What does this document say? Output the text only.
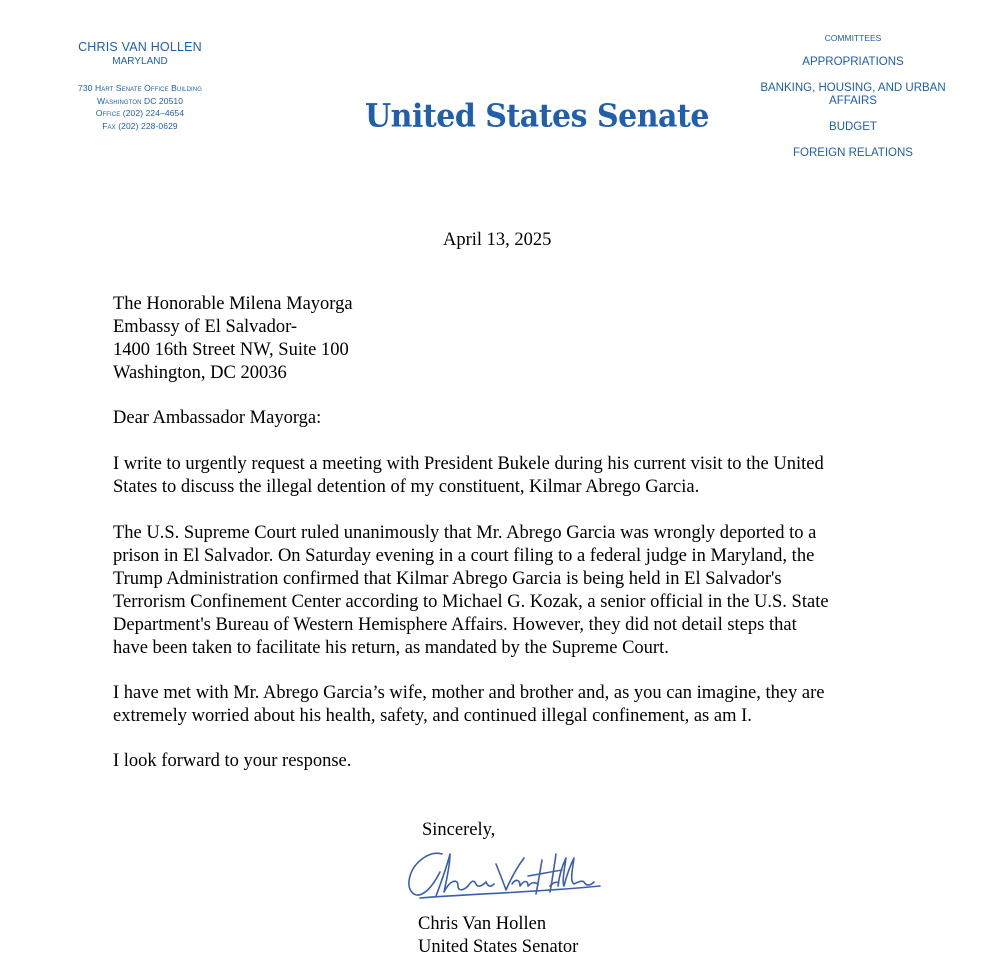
CHRIS VAN HOLLEN
MARYLAND
730 Hart Senate Office Building
Washington DC 20510
Office (202) 224–4654
Fax (202) 228-0629	United States Senate
COMMITTEES
APPROPRIATIONS
BANKING, HOUSING, AND URBAN AFFAIRS
BUDGET
FOREIGN RELATIONS
April 13, 2025
The Honorable Milena Mayorga
Embassy of El Salvador-
1400 16th Street NW, Suite 100
Washington, DC 20036
Dear Ambassador Mayorga:
I write to urgently request a meeting with President Bukele during his current visit to the United
States to discuss the illegal detention of my constituent, Kilmar Abrego Garcia.
The U.S. Supreme Court ruled unanimously that Mr. Abrego Garcia was wrongly deported to a
prison in El Salvador. On Saturday evening in a court filing to a federal judge in Maryland, the
Trump Administration confirmed that Kilmar Abrego Garcia is being held in El Salvador's
Terrorism Confinement Center according to Michael G. Kozak, a senior official in the U.S. State
Department's Bureau of Western Hemisphere Affairs. However, they did not detail steps that
have been taken to facilitate his return, as mandated by the Supreme Court.
I have met with Mr. Abrego Garcia’s wife, mother and brother and, as you can imagine, they are
extremely worried about his health, safety, and continued illegal confinement, as am I.
I look forward to your response.
Sincerely,
Chris Van Hollen
United States Senator
